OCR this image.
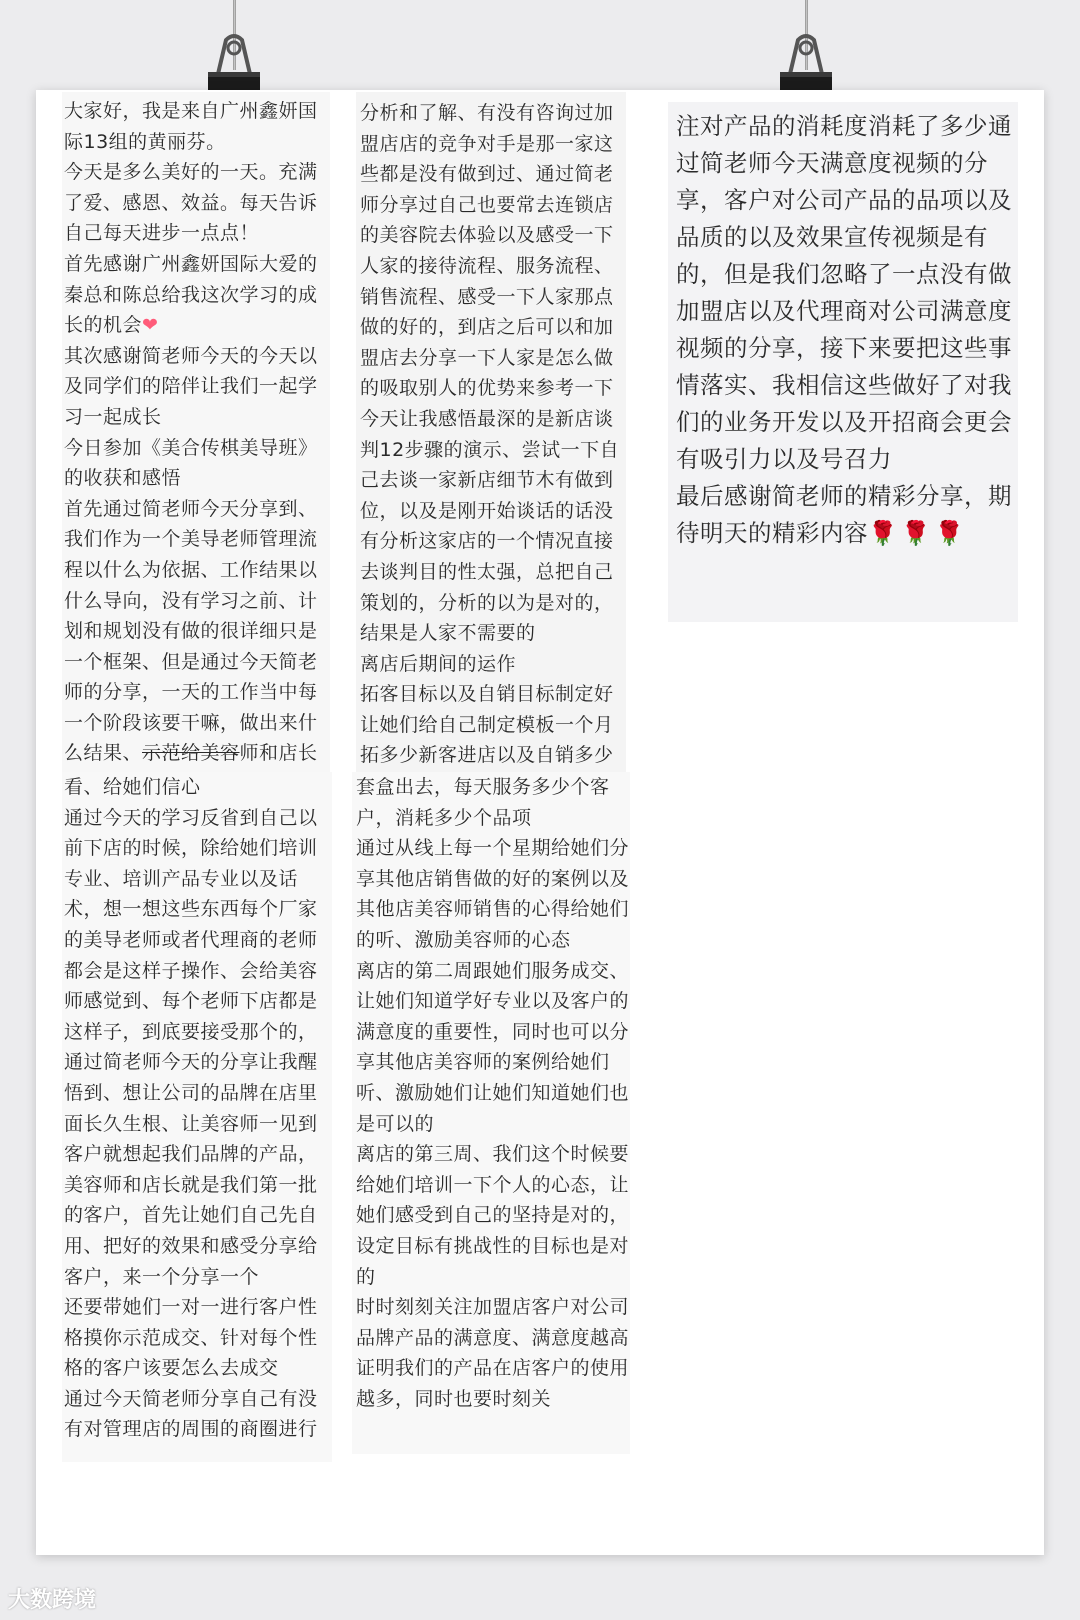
大家好，我是来自广州鑫妍国际13组的黄丽芬。

今天是多么美好的一天。充满了爱、感恩、效益。每天告诉自己每天进步一点点！

首先感谢广州鑫妍国际大爱的秦总和陈总给我这次学习的成长的机会❤

其次感谢简老师今天的今天以及同学们的陪伴让我们一起学习一起成长

今日参加《美合传棋美导班》的收获和感悟

首先通过简老师今天分享到、我们作为一个美导老师管理流程以什么为依据、工作结果以什么导向，没有学习之前、计划和规划没有做的很详细只是一个框架、但是通过今天简老师的分享，一天的工作当中每一个阶段该要干嘛，做出来什么结果、示范给美容师和店长

看、给她们信心

通过今天的学习反省到自己以前下店的时候，除给她们培训专业、培训产品专业以及话术，想一想这些东西每个厂家的美导老师或者代理商的老师都会是这样子操作、会给美容师感觉到、每个老师下店都是这样子，到底要接受那个的，

通过简老师今天的分享让我醒悟到、想让公司的品牌在店里面长久生根、让美容师一见到客户就想起我们品牌的产品，

美容师和店长就是我们第一批的客户，首先让她们自己先自用、把好的效果和感受分享给客户，来一个分享一个

还要带她们一对一进行客户性格摸你示范成交、针对每个性格的客户该要怎么去成交

通过今天简老师分享自己有没有对管理店的周围的商圈进行

分析和了解、有没有咨询过加盟店店的竞争对手是那一家这些都是没有做到过、通过简老师分享过自己也要常去连锁店的美容院去体验以及感受一下人家的接待流程、服务流程、销售流程、感受一下人家那点做的好的，到店之后可以和加盟店去分享一下人家是怎么做的吸取别人的优势来参考一下

今天让我感悟最深的是新店谈判12步骤的演示、尝试一下自己去谈一家新店细节木有做到位，以及是刚开始谈话的话没有分析这家店的一个情况直接去谈判目的性太强，总把自己策划的，分析的以为是对的，结果是人家不需要的

离店后期间的运作

拓客目标以及自销目标制定好让她们给自己制定模板一个月拓多少新客进店以及自销多少

套盒出去，每天服务多少个客户，消耗多少个品项

通过从线上每一个星期给她们分享其他店销售做的好的案例以及其他店美容师销售的心得给她们的听、激励美容师的心态

离店的第二周跟她们服务成交、让她们知道学好专业以及客户的满意度的重要性，同时也可以分享其他店美容师的案例给她们听、激励她们让她们知道她们也是可以的

离店的第三周、我们这个时候要给她们培训一下个人的心态，让她们感受到自己的坚持是对的，设定目标有挑战性的目标也是对的

时时刻刻关注加盟店客户对公司品牌产品的满意度、满意度越高证明我们的产品在店客户的使用越多，同时也要时刻关

注对产品的消耗度消耗了多少通过简老师今天满意度视频的分享，客户对公司产品的品项以及品质的以及效果宣传视频是有的，但是我们忽略了一点没有做加盟店以及代理商对公司满意度视频的分享，接下来要把这些事情落实、我相信这些做好了对我们的业务开发以及开招商会更会有吸引力以及号召力

最后感谢简老师的精彩分享，期待明天的精彩内容🌹🌹🌹

大数跨境
